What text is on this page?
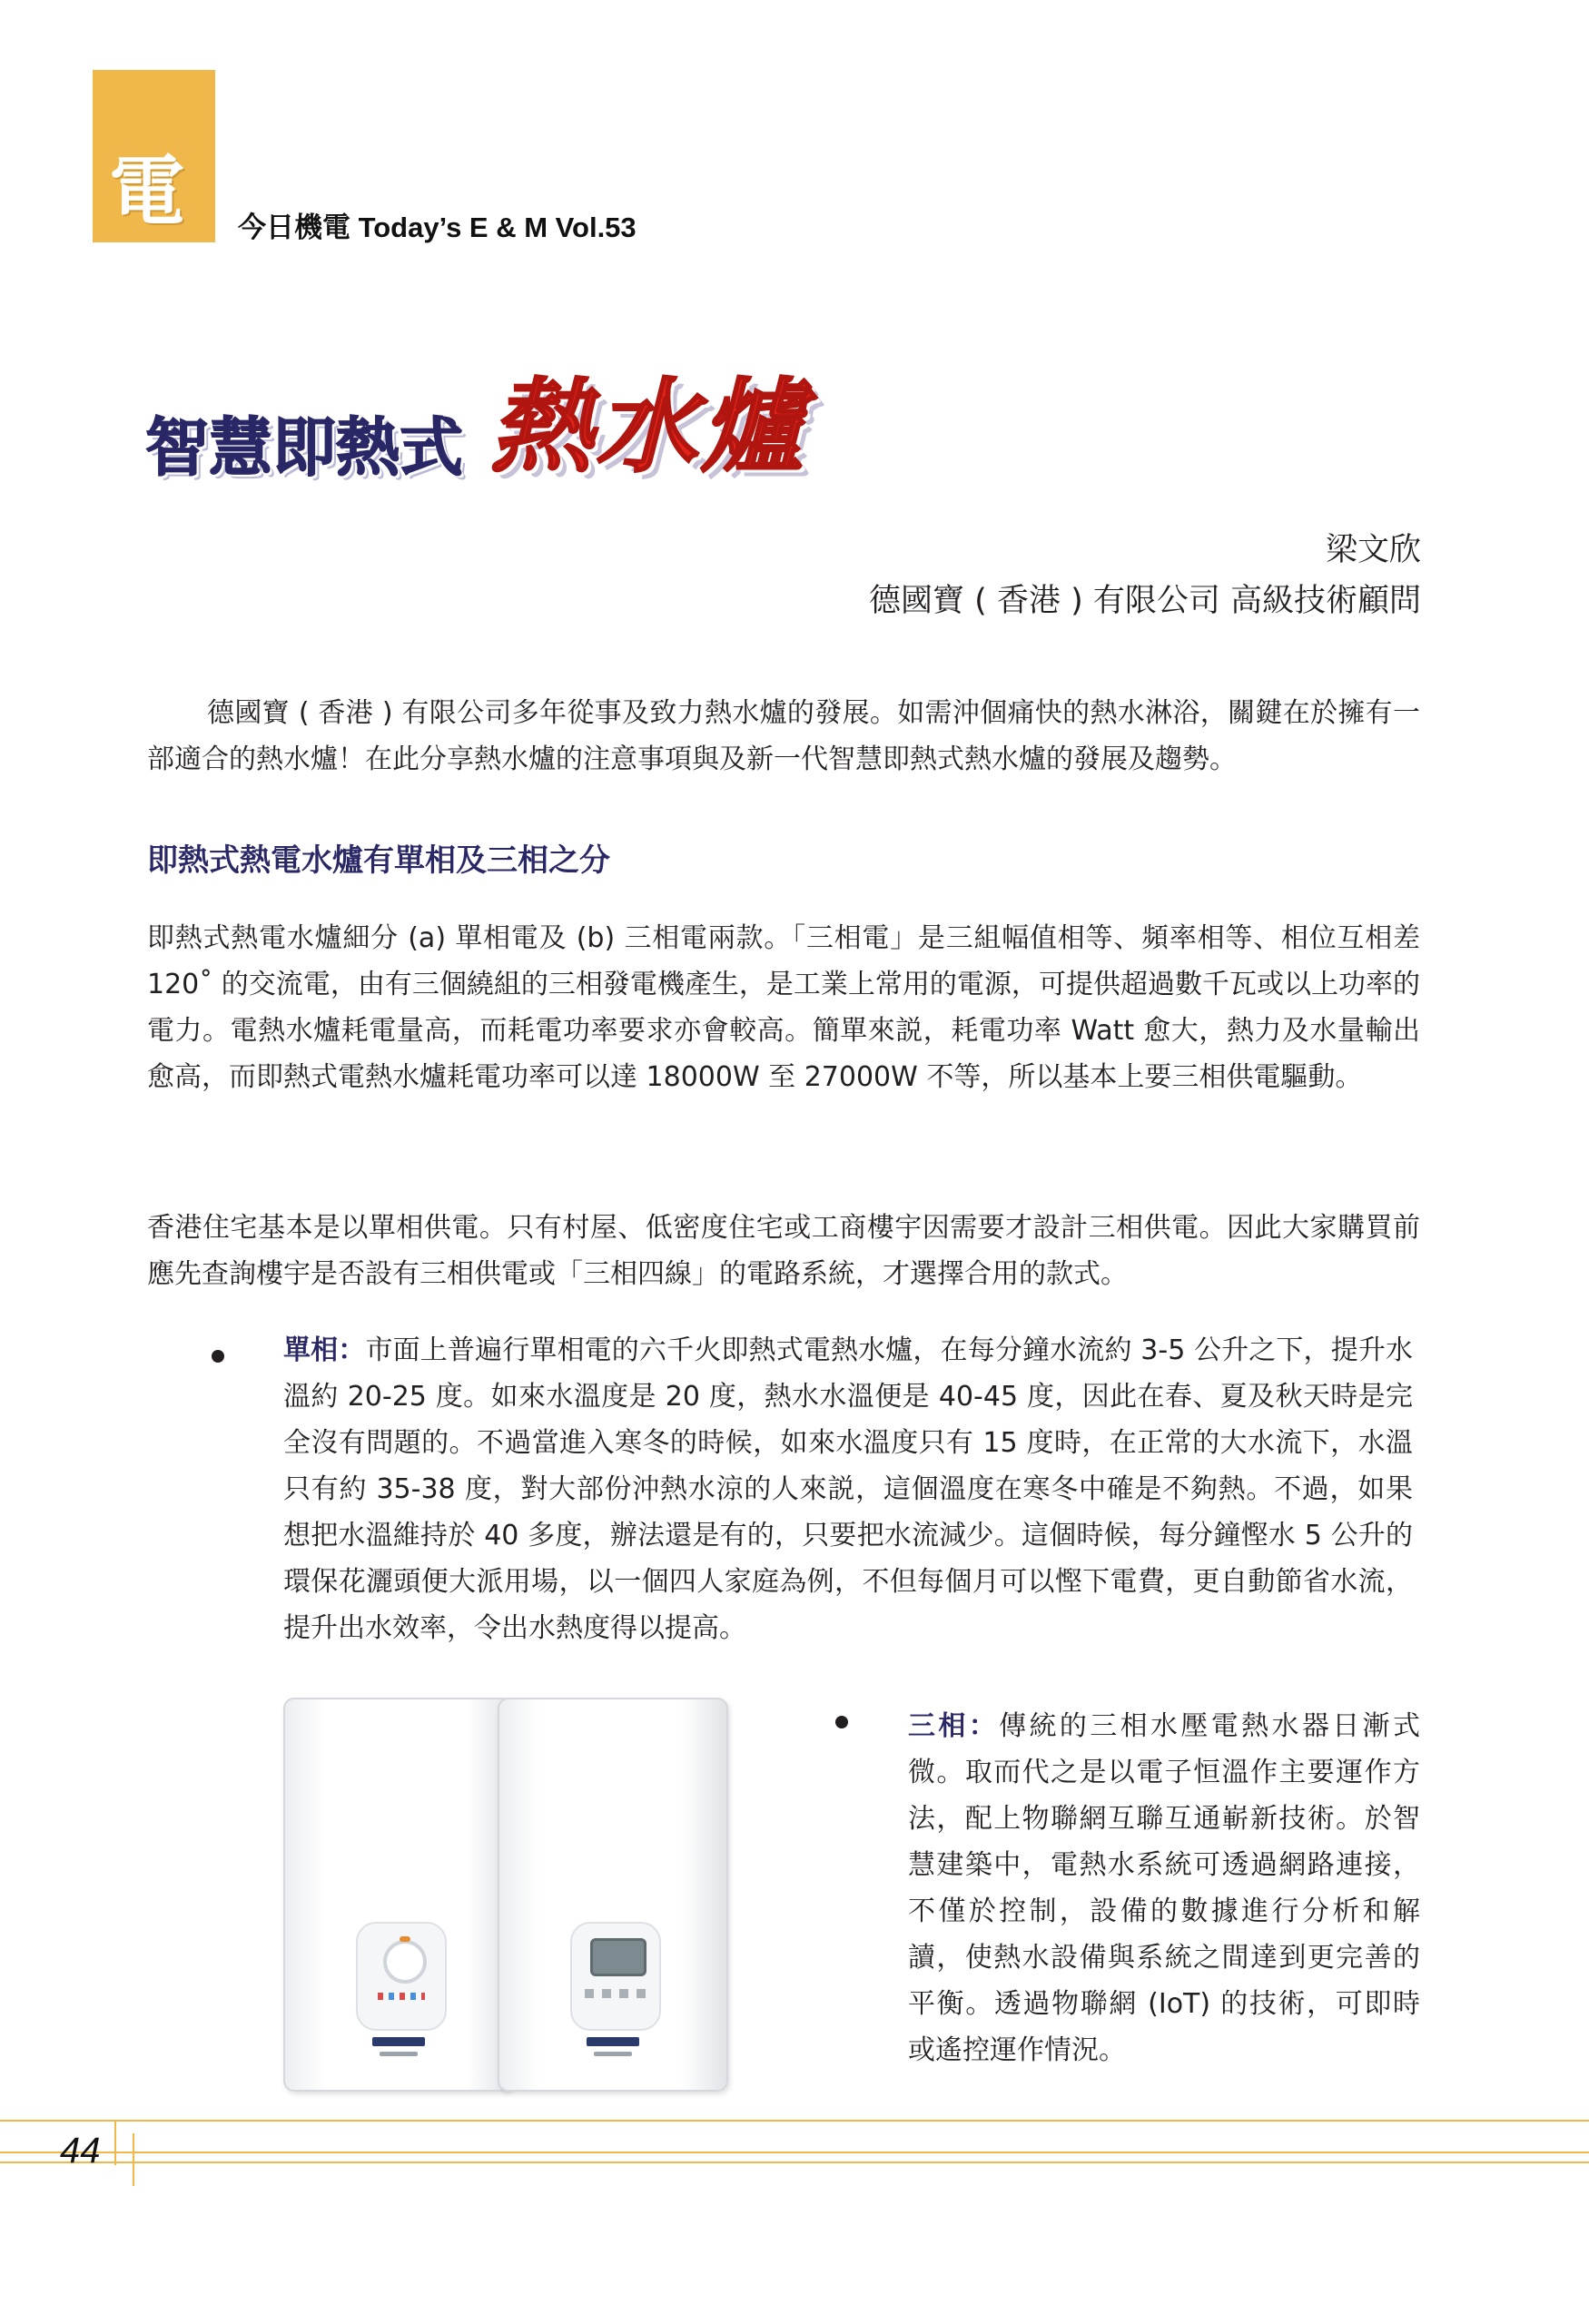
電 今日機電 Today’s E & M Vol.53
智慧即熱式 熱水爐
梁文欣
德國寶 ( 香港 ) 有限公司 高級技術顧問

德國寶 ( 香港 ) 有限公司多年從事及致力熱水爐的發展。如需沖個痛快的熱水淋浴，關鍵在於擁有一部適合的熱水爐！在此分享熱水爐的注意事項與及新一代智慧即熱式熱水爐的發展及趨勢。

即熱式熱電水爐有單相及三相之分

即熱式熱電水爐細分 (a) 單相電及 (b) 三相電兩款。「三相電」是三組幅值相等、頻率相等、相位互相差 120˚ 的交流電，由有三個繞組的三相發電機產生，是工業上常用的電源，可提供超過數千瓦或以上功率的電力。電熱水爐耗電量高，而耗電功率要求亦會較高。簡單來説，耗電功率 Watt 愈大，熱力及水量輸出愈高，而即熱式電熱水爐耗電功率可以達 18000W 至 27000W 不等，所以基本上要三相供電驅動。

香港住宅基本是以單相供電。只有村屋、低密度住宅或工商樓宇因需要才設計三相供電。因此大家購買前應先查詢樓宇是否設有三相供電或「三相四線」的電路系統，才選擇合用的款式。

單相：市面上普遍行單相電的六千火即熱式電熱水爐，在每分鐘水流約 3-5 公升之下，提升水溫約 20-25 度。如來水溫度是 20 度，熱水水溫便是 40-45 度，因此在春、夏及秋天時是完全沒有問題的。不過當進入寒冬的時候，如來水溫度只有 15 度時，在正常的大水流下，水溫只有約 35-38 度，對大部份沖熱水涼的人來説，這個溫度在寒冬中確是不夠熱。不過，如果想把水溫維持於 40 多度，辦法還是有的，只要把水流減少。這個時候，每分鐘慳水 5 公升的環保花灑頭便大派用場，以一個四人家庭為例，不但每個月可以慳下電費，更自動節省水流，提升出水效率，令出水熱度得以提高。

三相：傳統的三相水壓電熱水器日漸式微。取而代之是以電子恒溫作主要運作方法，配上物聯網互聯互通嶄新技術。於智慧建築中，電熱水系統可透過網路連接，不僅於控制，設備的數據進行分析和解讀，使熱水設備與系統之間達到更完善的平衡。透過物聯網 (IoT) 的技術，可即時或遙控運作情況。

44
